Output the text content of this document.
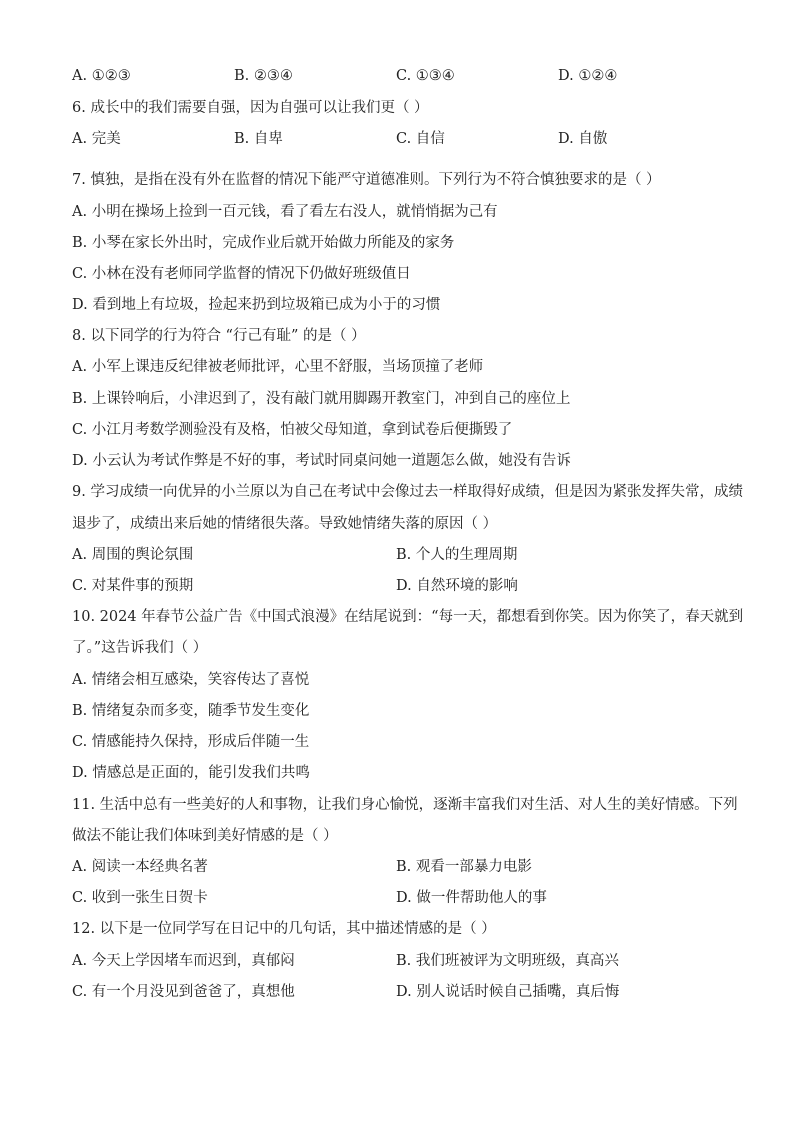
A. ①②③	B. ②③④	C. ①③④	D. ①②④
6. 成长中的我们需要自强，因为自强可以让我们更（ ）
A. 完美	B. 自卑	C. 自信	D. 自傲
7. 慎独，是指在没有外在监督的情况下能严守道德准则。下列行为不符合慎独要求的是（ ）
A. 小明在操场上捡到一百元钱，看了看左右没人，就悄悄据为己有
B. 小琴在家长外出时，完成作业后就开始做力所能及的家务
C. 小林在没有老师同学监督的情况下仍做好班级值日
D. 看到地上有垃圾，捡起来扔到垃圾箱已成为小于的习惯
8. 以下同学的行为符合 “行己有耻” 的是（ ）
A. 小军上课违反纪律被老师批评，心里不舒服，当场顶撞了老师
B. 上课铃响后，小津迟到了，没有敲门就用脚踢开教室门，冲到自己的座位上
C. 小江月考数学测验没有及格，怕被父母知道，拿到试卷后便撕毁了
D. 小云认为考试作弊是不好的事，考试时同桌问她一道题怎么做，她没有告诉
9. 学习成绩一向优异的小兰原以为自己在考试中会像过去一样取得好成绩，但是因为紧张发挥失常，成绩
退步了，成绩出来后她的情绪很失落。导致她情绪失落的原因（ ）
A. 周围的舆论氛围	B. 个人的生理周期
C. 对某件事的预期	D. 自然环境的影响
10. 2024 年春节公益广告《中国式浪漫》在结尾说到：“每一天，都想看到你笑。因为你笑了，春天就到
了。”这告诉我们（ ）
A. 情绪会相互感染，笑容传达了喜悦
B. 情绪复杂而多变，随季节发生变化
C. 情感能持久保持，形成后伴随一生
D. 情感总是正面的，能引发我们共鸣
11. 生活中总有一些美好的人和事物，让我们身心愉悦，逐渐丰富我们对生活、对人生的美好情感。下列
做法不能让我们体味到美好情感的是（ ）
A. 阅读一本经典名著	B. 观看一部暴力电影
C. 收到一张生日贺卡	D. 做一件帮助他人的事
12. 以下是一位同学写在日记中的几句话，其中描述情感的是（ ）
A. 今天上学因堵车而迟到，真郁闷	B. 我们班被评为文明班级，真高兴
C. 有一个月没见到爸爸了，真想他	D. 别人说话时候自己插嘴，真后悔
